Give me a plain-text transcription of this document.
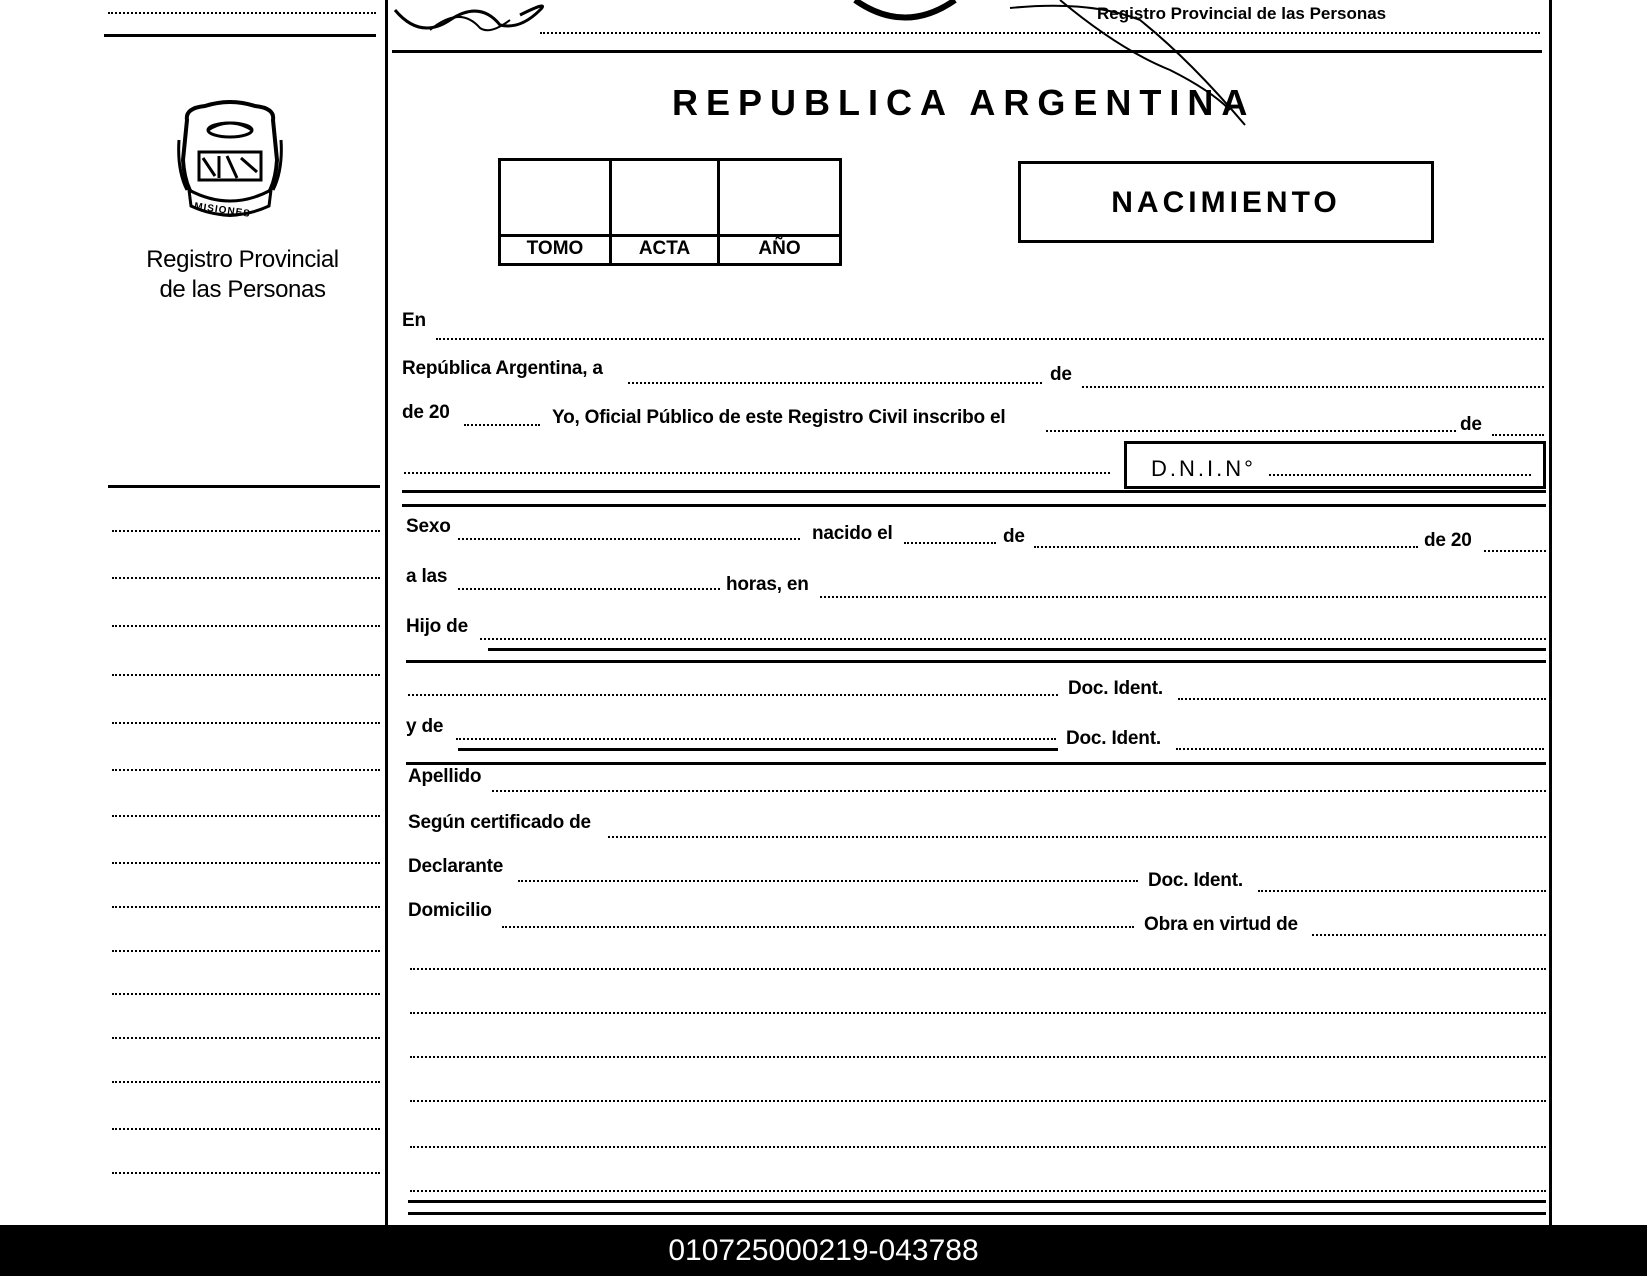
Registro Provincial de las Personas
REPUBLICA ARGENTINA
TOMO	ACTA	AÑO
NACIMIENTO
MISIONES
Registro Provincial
de las Personas
En
República Argentina, a	de
de 20	Yo, Oficial Público de este Registro Civil inscribo el	de
D.N.I.N°
Sexo	nacido el	de	de 20
a las	horas, en
Hijo de
Doc. Ident.
y de
Doc. Ident.
Apellido
Según certificado de
Declarante
Doc. Ident.
Domicilio
Obra en virtud de
010725000219-043788
